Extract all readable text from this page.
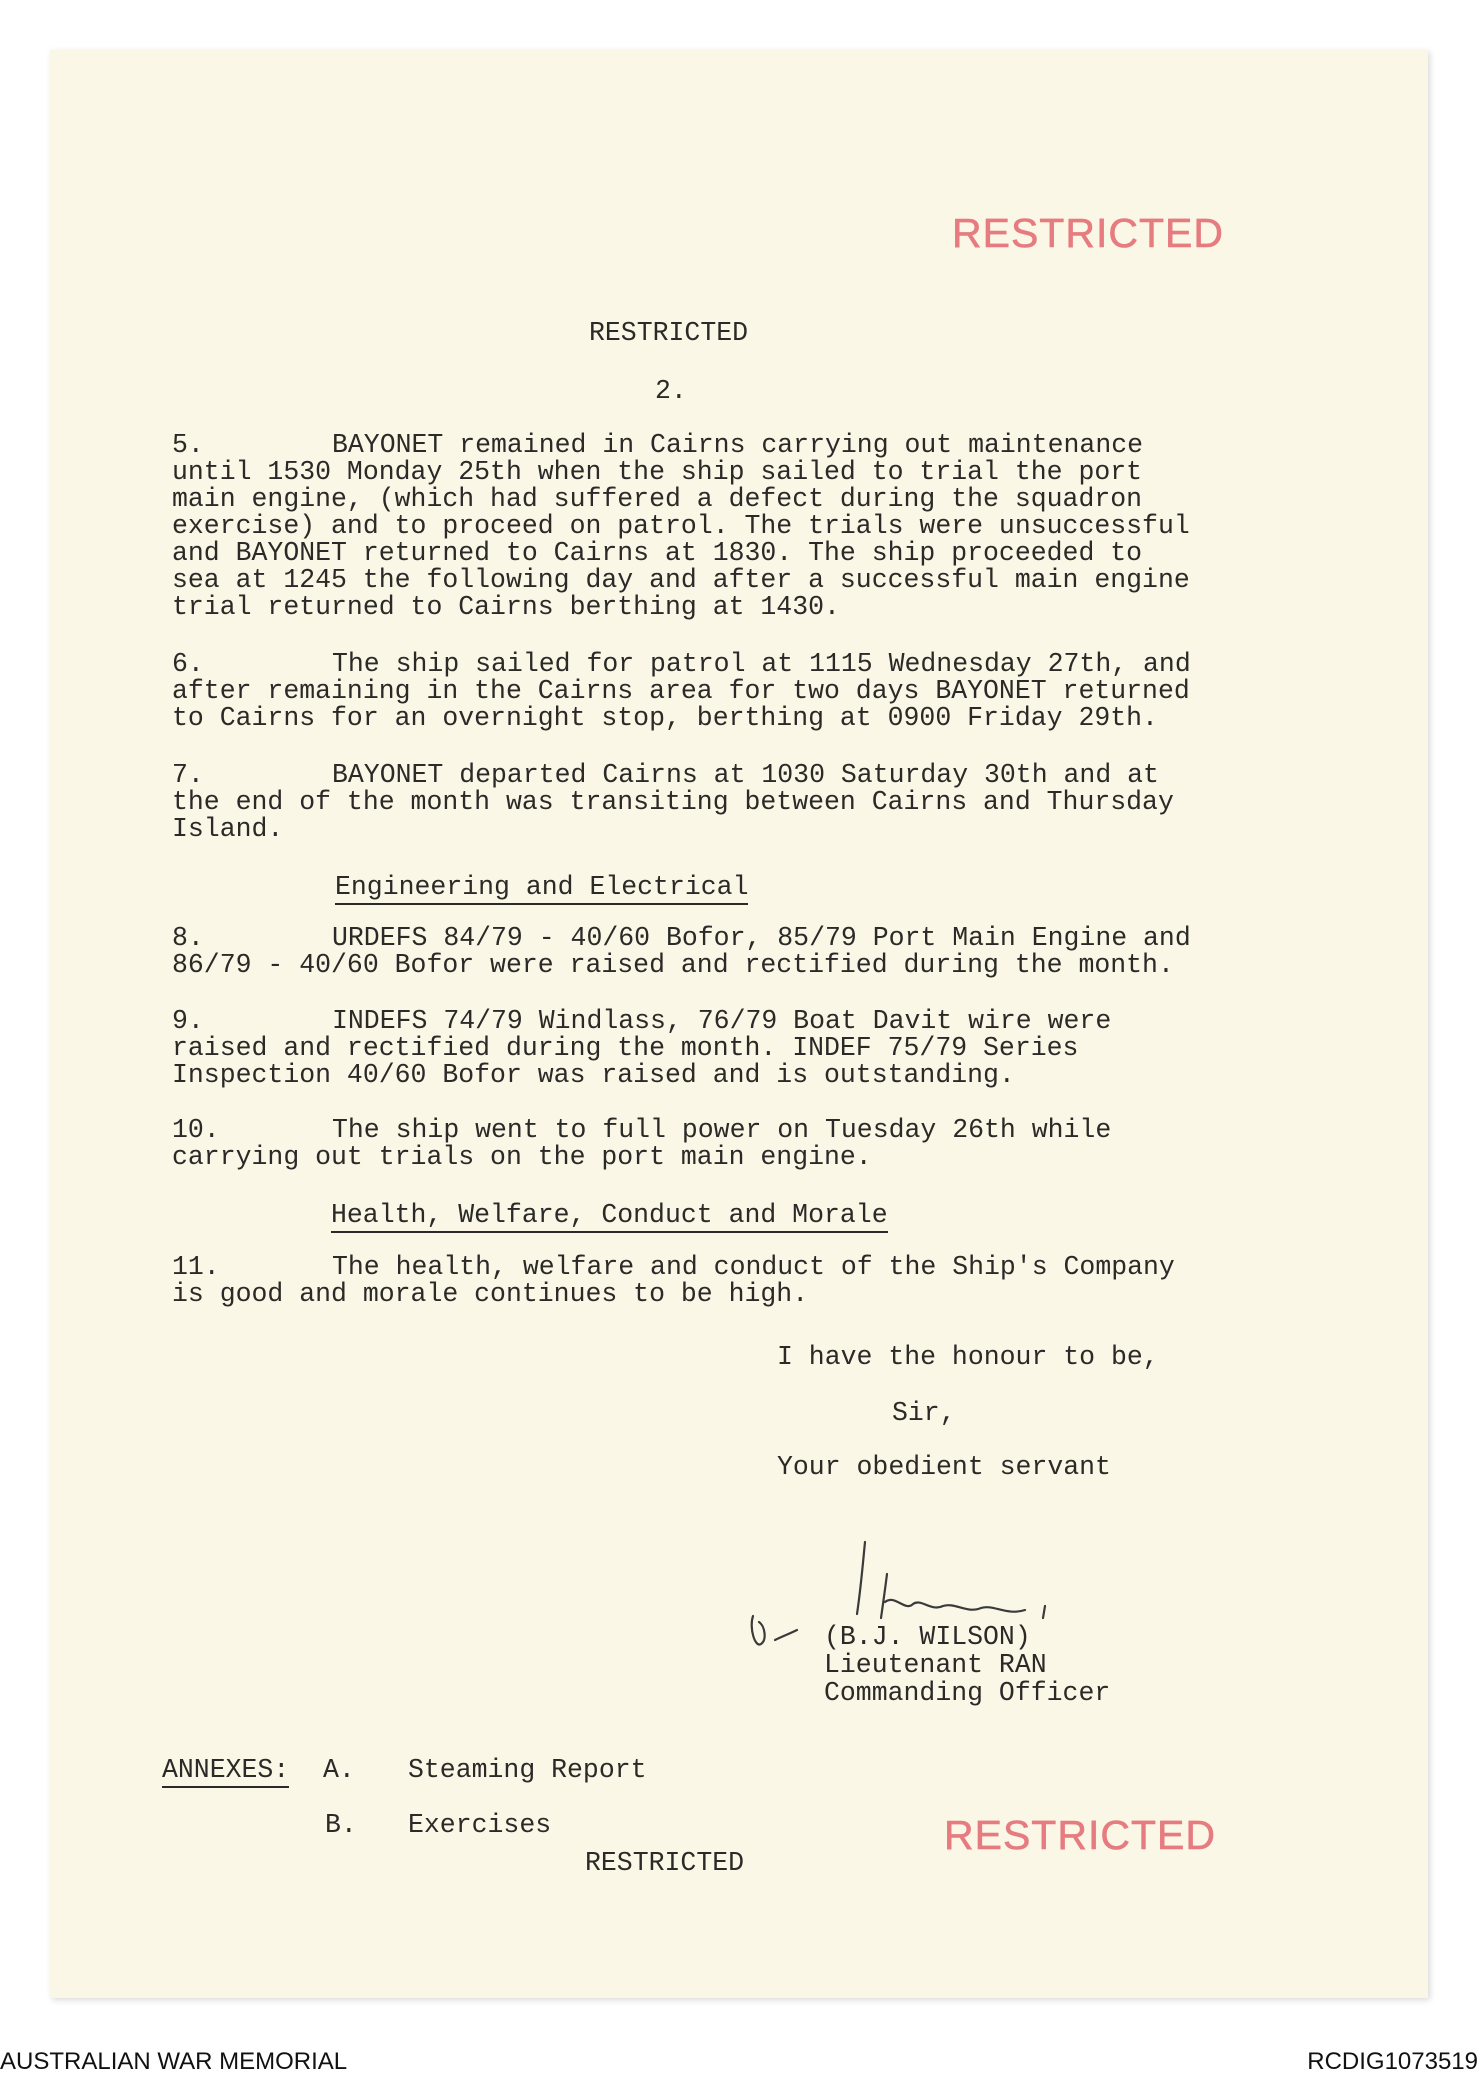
RESTRICTED
RESTRICTED
RESTRICTED
2.
5.	BAYONET remained in Cairns carrying out maintenance
until 1530 Monday 25th when the ship sailed to trial the port
main engine, (which had suffered a defect during the squadron
exercise) and to proceed on patrol. The trials were unsuccessful
and BAYONET returned to Cairns at 1830. The ship proceeded to
sea at 1245 the following day and after a successful main engine
trial returned to Cairns berthing at 1430.
6.	The ship sailed for patrol at 1115 Wednesday 27th, and
after remaining in the Cairns area for two days BAYONET returned
to Cairns for an overnight stop, berthing at 0900 Friday 29th.
7.	BAYONET departed Cairns at 1030 Saturday 30th and at
the end of the month was transiting between Cairns and Thursday
Island.
Engineering and Electrical
8.	URDEFS 84/79 - 40/60 Bofor, 85/79 Port Main Engine and
86/79 - 40/60 Bofor were raised and rectified during the month.
9.	INDEFS 74/79 Windlass, 76/79 Boat Davit wire were
raised and rectified during the month. INDEF 75/79 Series
Inspection 40/60 Bofor was raised and is outstanding.
10.	The ship went to full power on Tuesday 26th while
carrying out trials on the port main engine.
Health, Welfare, Conduct and Morale
11.	The health, welfare and conduct of the Ship's Company
is good and morale continues to be high.
I have the honour to be,
Sir,
Your obedient servant
(B.J. WILSON)
Lieutenant RAN
Commanding Officer
ANNEXES: A. Steaming Report
B. Exercises
RESTRICTED
AUSTRALIAN WAR MEMORIAL	RCDIG1073519
